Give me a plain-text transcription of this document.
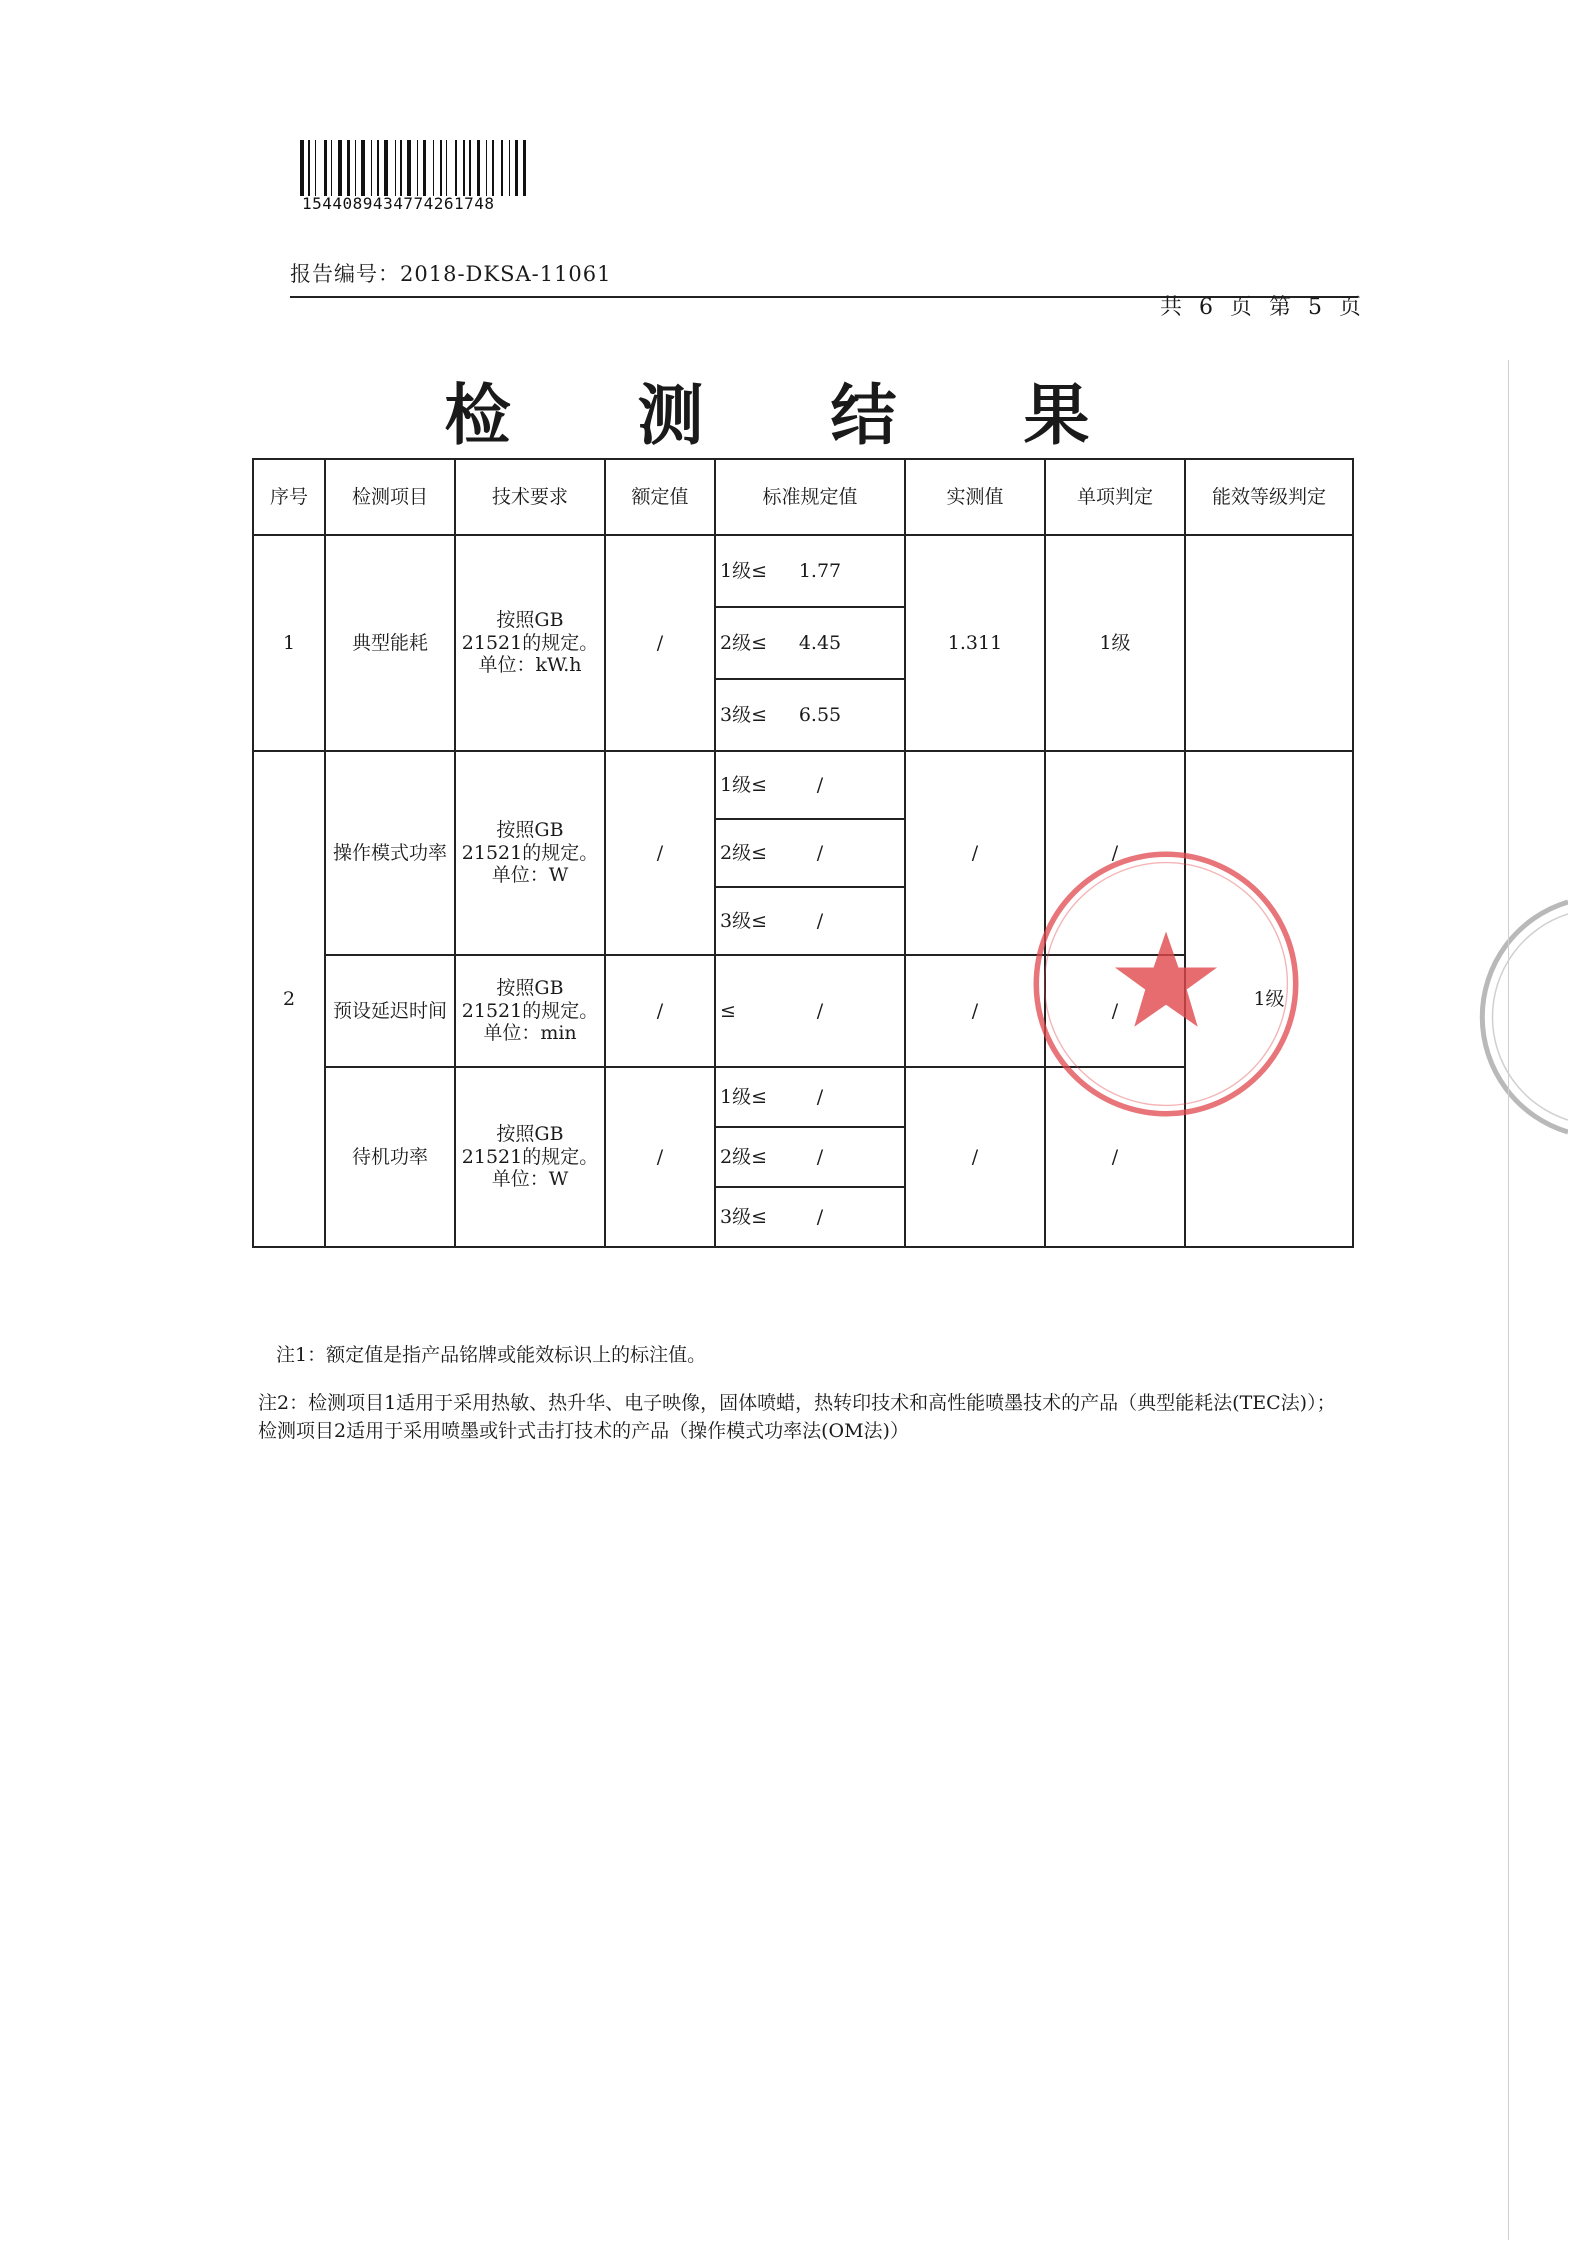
1544089434774261748
报告编号：2018-DKSA-11061
共 6 页 第 5 页
检 测 结 果
序号	检测项目	技术要求	额定值	标准规定值	实测值	单项判定	能效等级判定
1	典型能耗	按照GB
21521的规定。
单位：kW.h	/	1级≤ 1.77	1.311	1级	
				2级≤ 4.45			
				3级≤ 6.55			
2	操作模式功率	按照GB
21521的规定。
单位：W	/	1级≤ /	/	/	1级
				2级≤ /			
				3级≤ /			
	预设延迟时间	按照GB
21521的规定。
单位：min	/	≤ /	/	/	
	待机功率	按照GB
21521的规定。
单位：W	/	1级≤ /	/	/	
				2级≤ /			
				3级≤ /			
注1：额定值是指产品铭牌或能效标识上的标注值。
注2：检测项目1适用于采用热敏、热升华、电子映像，固体喷蜡，热转印技术和高性能喷墨技术的产品（典型能耗法(TEC法)）；检测项目2适用于采用喷墨或针式击打技术的产品（操作模式功率法(OM法)）
